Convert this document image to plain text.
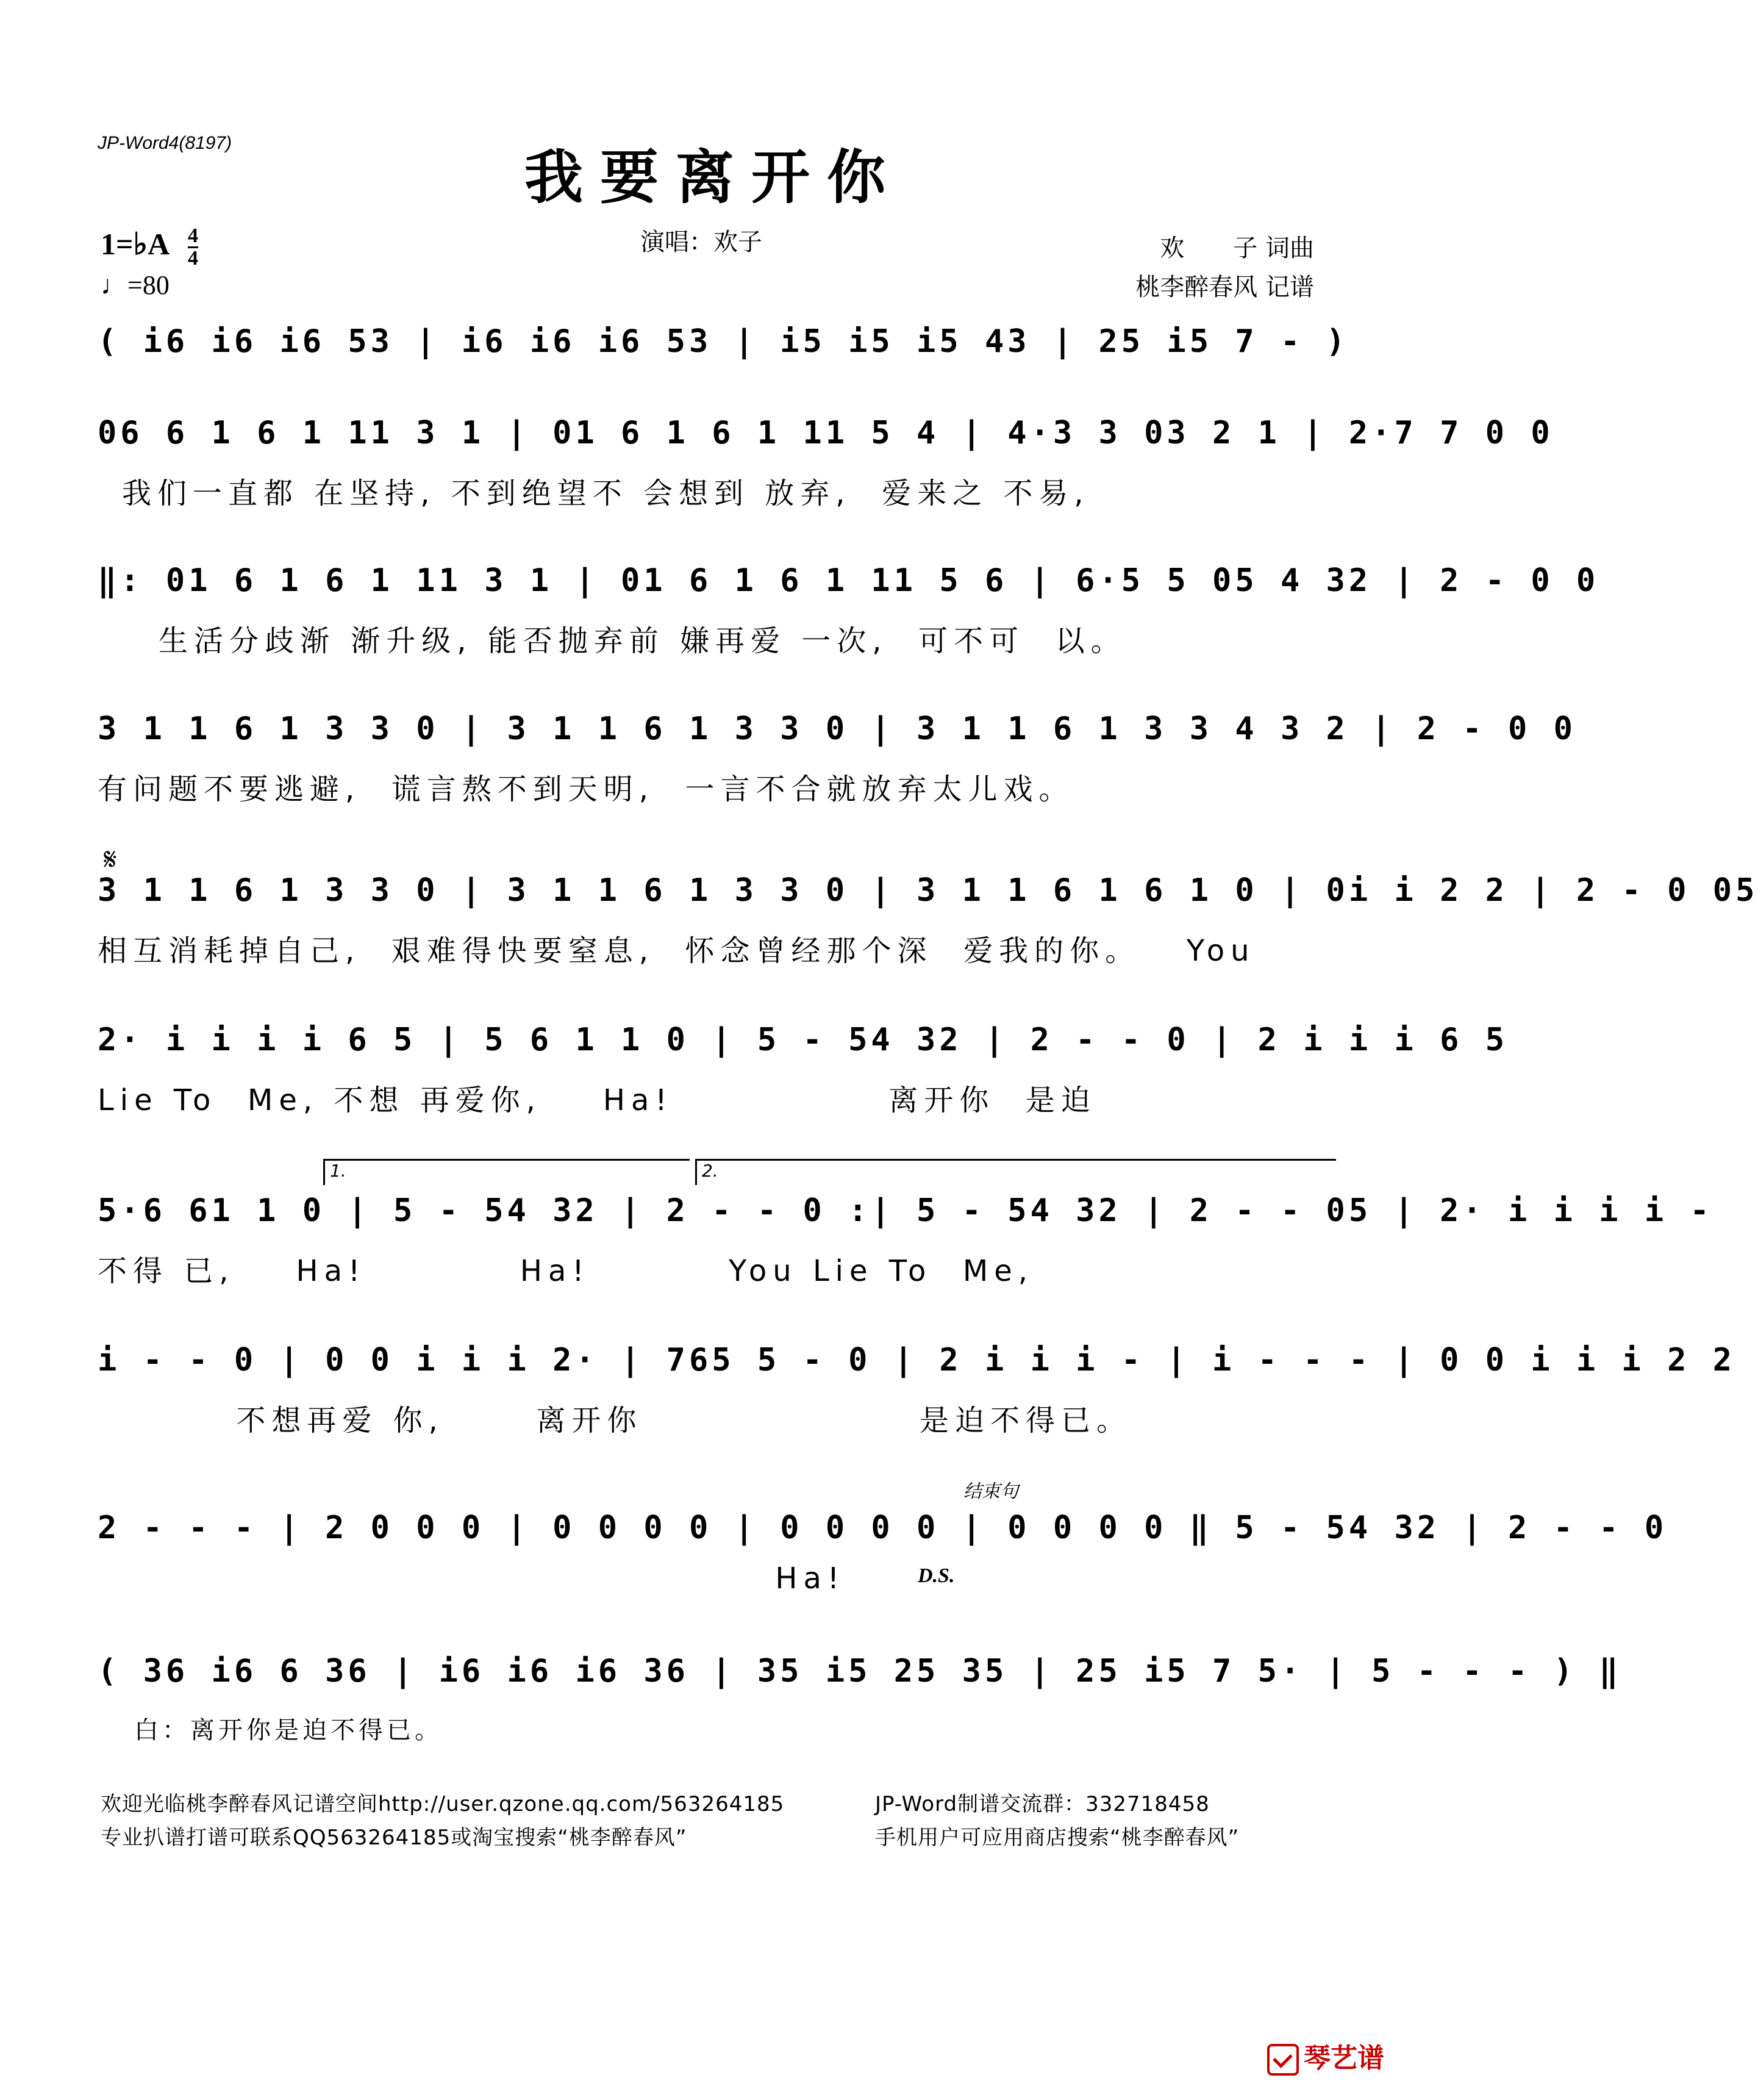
JP-Word4(8197)	我要离开你
1=♭A $\frac{4}{4}$
♩=80
演唱：欢子	欢　　子 词曲
桃李醉春风 记谱
( i6 i6 i6 53 | i6 i6 i6 53 | i5 i5 i5 43 | 25 i5 7 - )
06 6 1 6 1 11 3 1 | 01 6 1 6 1 11 5 4 | 4·3 3 03 2 1 | 2·7 7 0 0
我们一直都 在坚持, 不到绝望不 会想到 放弃,  爱来之 不易,
‖: 01 6 1 6 1 11 3 1 | 01 6 1 6 1 11 5 6 | 6·5 5 05 4 32 | 2 - 0 0
生活分歧渐 渐升级, 能否抛弃前 嫌再爱 一次,  可不可  以。
3 1 1 6 1 3 3 0 | 3 1 1 6 1 3 3 0 | 3 1 1 6 1 3 3 4 3 2 | 2 - 0 0
有问题不要逃避,  谎言熬不到天明,  一言不合就放弃太儿戏。
𝄋
3 1 1 6 1 3 3 0 | 3 1 1 6 1 3 3 0 | 3 1 1 6 1 6 1 0 | 0i i 2 2 | 2 - 0 05
相互消耗掉自己,  艰难得快要窒息,  怀念曾经那个深  爱我的你。   You
2· i i i i 6 5 | 5 6 1 1 0 | 5 - 54 32 | 2 - - 0 | 2 i i i 6 5
Lie To  Me, 不想 再爱你,    Ha!              离开你  是迫
1.	2.
5·6 61 1 0 | 5 - 54 32 | 2 - - 0 :| 5 - 54 32 | 2 - - 05 | 2· i i i i -
不得 已,    Ha!          Ha!         You Lie To  Me,
i - - 0 | 0 0 i i i 2· | 765 5 - 0 | 2 i i i - | i - - - | 0 0 i i i 2 2
不想再爱 你,      离开你                  是迫不得已。
结束句
2 - - - | 2 0 0 0 | 0 0 0 0 | 0 0 0 0 | 0 0 0 0 ‖ 5 - 54 32 | 2 - - 0
D.S.
Ha!
( 36 i6 6 36 | i6 i6 i6 36 | 35 i5 25 35 | 25 i5 7 5· | 5 - - - ) ‖
白：离开你是迫不得已。
欢迎光临桃李醉春风记谱空间http://user.qzone.qq.com/563264185	JP-Word制谱交流群：332718458
专业扒谱打谱可联系QQ563264185或淘宝搜索“桃李醉春风”	手机用户可应用商店搜索“桃李醉春风”
琴艺谱
